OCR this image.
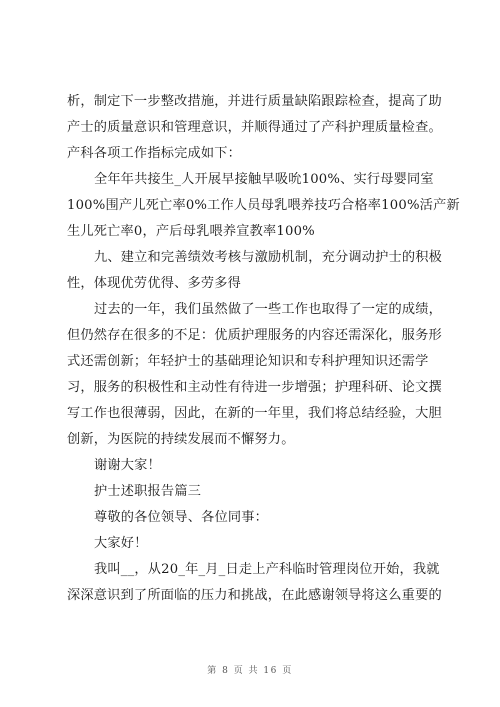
析，制定下一步整改措施，并进行质量缺陷跟踪检查，提高了助
产士的质量意识和管理意识，并顺得通过了产科护理质量检查。
产科各项工作指标完成如下：
全年年共接生_人开展早接触早吸吮100%、实行母婴同室
100%围产儿死亡率0%工作人员母乳喂养技巧合格率100%活产新
生儿死亡率0，产后母乳喂养宣教率100%
九、建立和完善绩效考核与激励机制，充分调动护士的积极
性，体现优劳优得、多劳多得
过去的一年，我们虽然做了一些工作也取得了一定的成绩，
但仍然存在很多的不足：优质护理服务的内容还需深化，服务形
式还需创新；年轻护士的基础理论知识和专科护理知识还需学
习，服务的积极性和主动性有待进一步增强；护理科研、论文撰
写工作也很薄弱，因此，在新的一年里，我们将总结经验，大胆
创新，为医院的持续发展而不懈努力。
谢谢大家！
护士述职报告篇三
尊敬的各位领导、各位同事：
大家好！
我叫__，从20_年_月_日走上产科临时管理岗位开始，我就
深深意识到了所面临的压力和挑战，在此感谢领导将这么重要的
第 8 页 共 16 页
